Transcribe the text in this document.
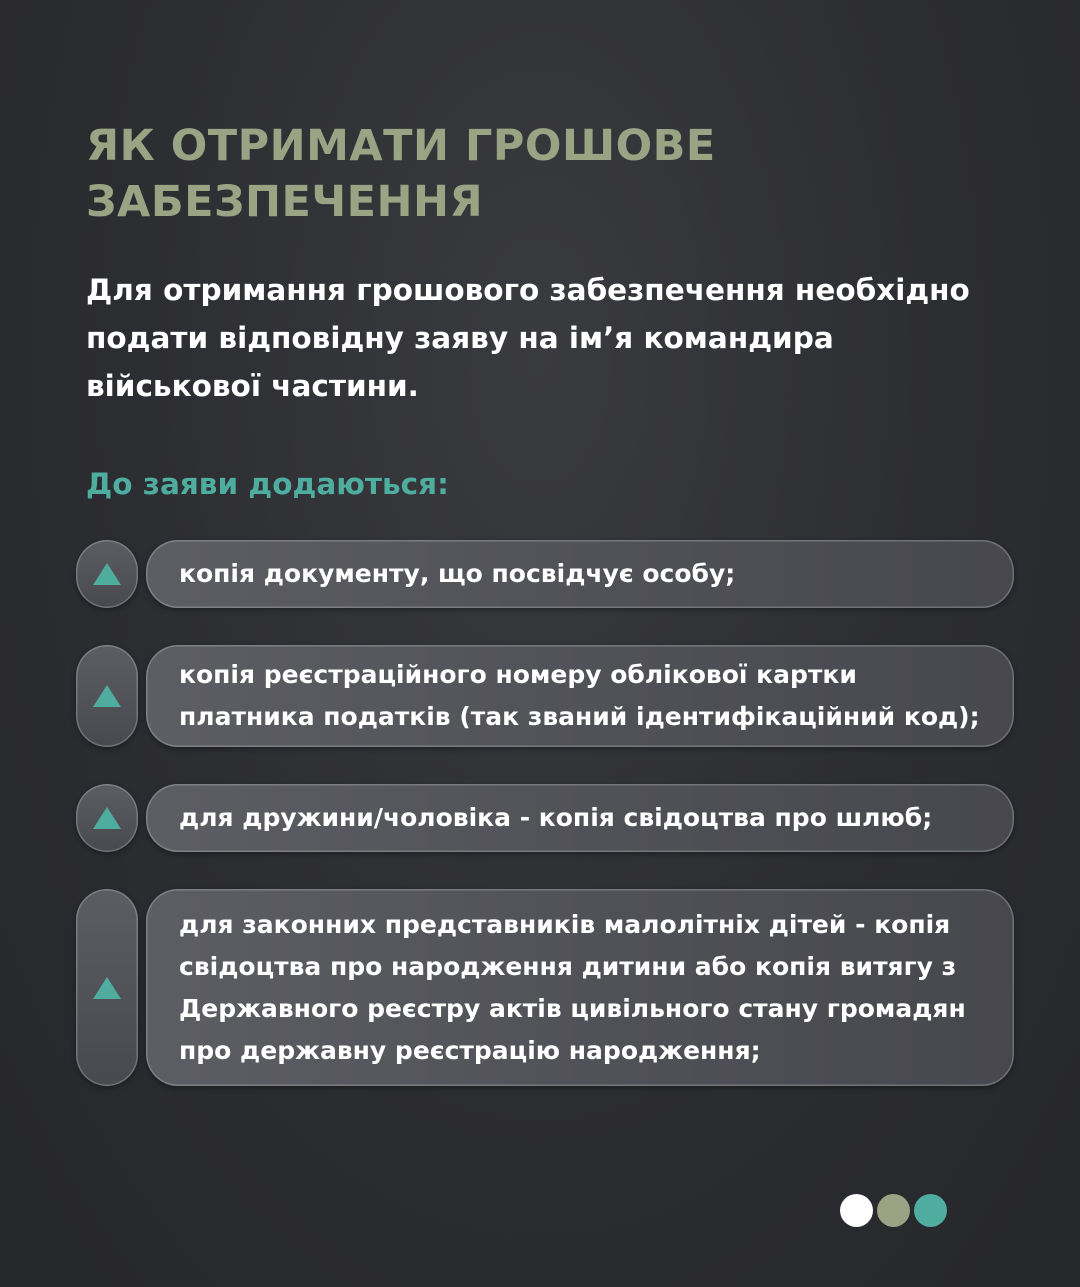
ЯК ОТРИМАТИ ГРОШОВЕ
ЗАБЕЗПЕЧЕННЯ

Для отримання грошового забезпечення необхідно
подати відповідну заяву на ім’я командира
військової частини.

До заяви додаються:
копія документу, що посвідчує особу;
копія реєстраційного номеру облікової картки
платника податків (так званий ідентифікаційний код);
для дружини/чоловіка - копія свідоцтва про шлюб;
для законних представників малолітніх дітей - копія
свідоцтва про народження дитини або копія витягу з
Державного реєстру актів цивільного стану громадян
про державну реєстрацію народження;
